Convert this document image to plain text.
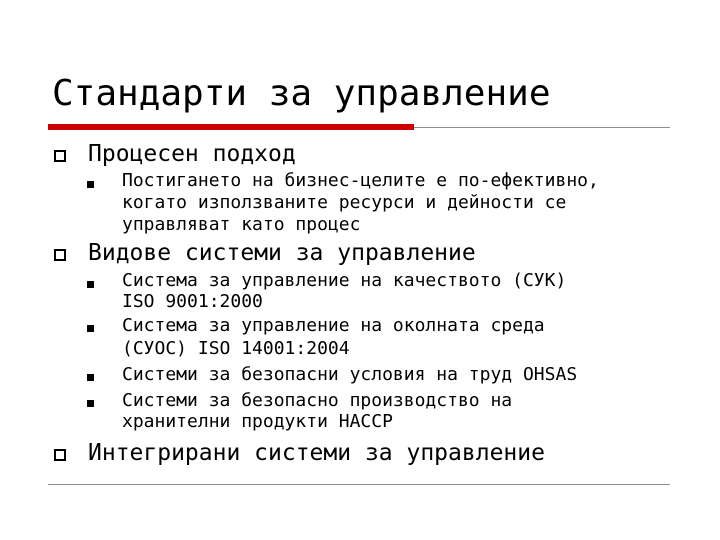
Стандарти за управление
Процесен подход
Постигането на бизнес-целите е по-ефективно,
когато използваните ресурси и дейности се
управляват като процес
Видове системи за управление
Система за управление на качеството (СУК)
ISO 9001:2000
Система за управление на околната среда
(СУОС) ISO 14001:2004
Системи за безопасни условия на труд OHSAS
Системи за безопасно производство на
хранителни продукти HACCP
Интегрирани системи за управление
